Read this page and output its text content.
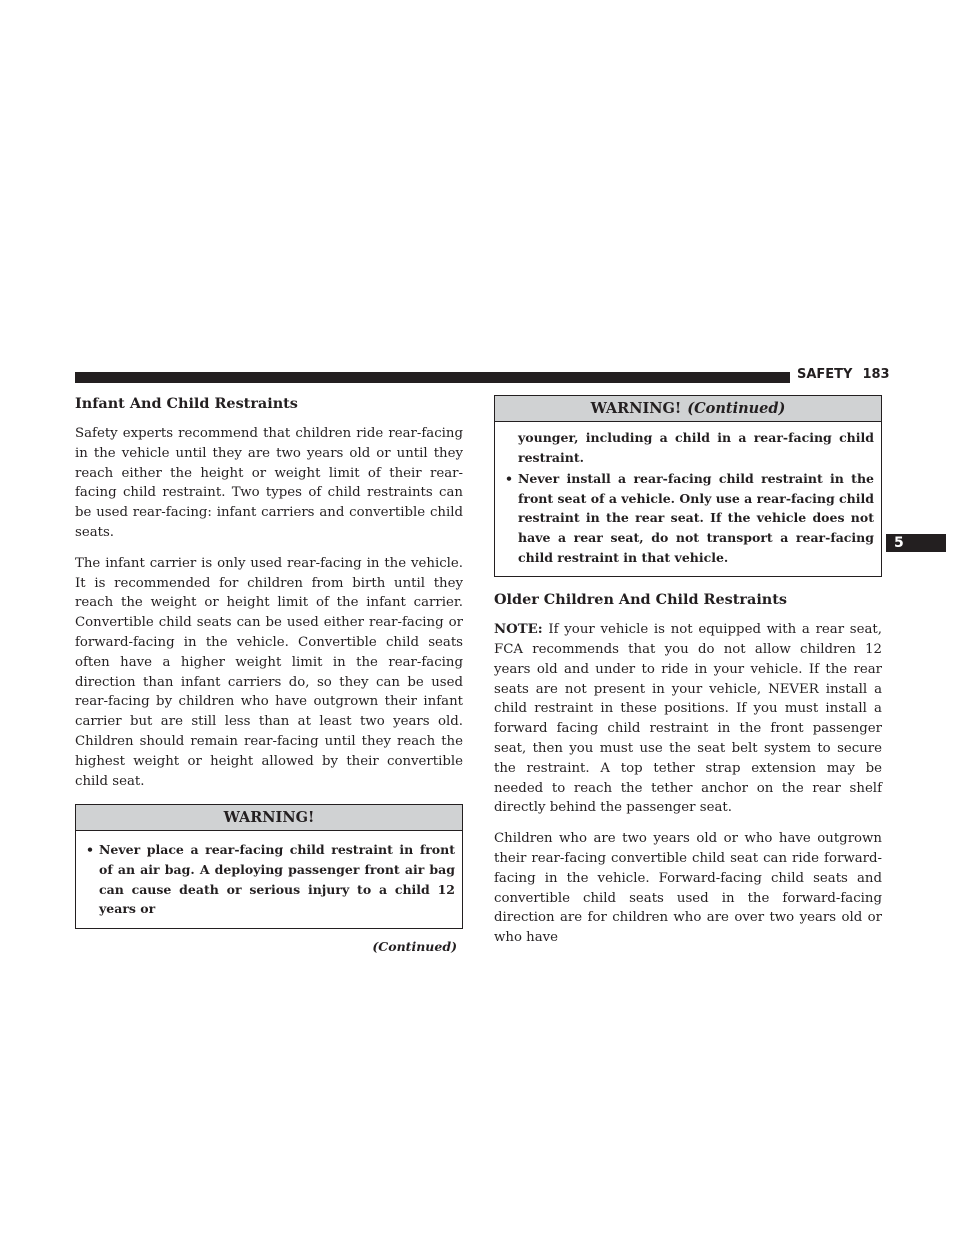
SAFETY 183
Infant And Child Restraints

Safety experts recommend that children ride rear-facing in the vehicle until they are two years old or until they reach either the height or weight limit of their rear-facing child restraint. Two types of child restraints can be used rear-facing: infant carriers and convertible child seats.

The infant carrier is only used rear-facing in the vehicle. It is recommended for children from birth until they reach the weight or height limit of the infant carrier. Convertible child seats can be used either rear-facing or forward-facing in the vehicle. Convertible child seats often have a higher weight limit in the rear-facing direction than infant carriers do, so they can be used rear-facing by children who have outgrown their infant carrier but are still less than at least two years old. Children should remain rear-facing until they reach the highest weight or height allowed by their convertible child seat.

WARNING!
• Never place a rear-facing child restraint in front of an air bag. A deploying passenger front air bag can cause death or serious injury to a child 12 years or
(Continued)
WARNING! (Continued)
younger, including a child in a rear-facing child restraint.
• Never install a rear-facing child restraint in the front seat of a vehicle. Only use a rear-facing child restraint in the rear seat. If the vehicle does not have a rear seat, do not transport a rear-facing child restraint in that vehicle.
Older Children And Child Restraints

NOTE: If your vehicle is not equipped with a rear seat, FCA recommends that you do not allow children 12 years old and under to ride in your vehicle. If the rear seats are not present in your vehicle, NEVER install a child restraint in these positions. If you must install a forward facing child restraint in the front passenger seat, then you must use the seat belt system to secure the restraint. A top tether strap extension may be needed to reach the tether anchor on the rear shelf directly behind the passenger seat.

Children who are two years old or who have outgrown their rear-facing convertible child seat can ride forward-facing in the vehicle. Forward-facing child seats and convertible child seats used in the forward-facing direction are for children who are over two years old or who have

5
